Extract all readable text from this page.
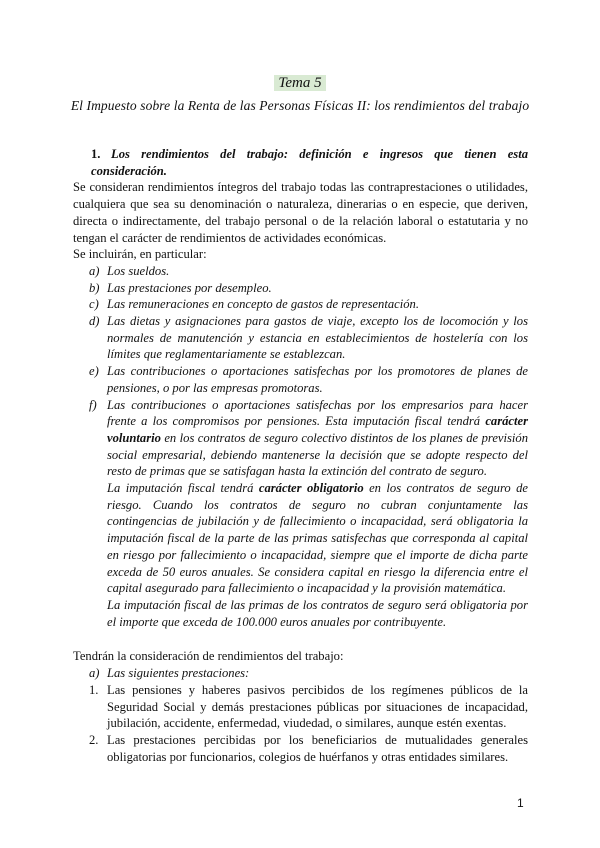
Tema 5
El Impuesto sobre la Renta de las Personas Físicas II: los rendimientos del trabajo

1. Los rendimientos del trabajo: definición e ingresos que tienen esta consideración.

Se consideran rendimientos íntegros del trabajo todas las contraprestaciones o utilidades, cualquiera que sea su denominación o naturaleza, dinerarias o en especie, que deriven, directa o indirectamente, del trabajo personal o de la relación laboral o estatutaria y no tengan el carácter de rendimientos de actividades económicas.

Se incluirán, en particular:

a) Los sueldos.

b) Las prestaciones por desempleo.

c) Las remuneraciones en concepto de gastos de representación.

d) Las dietas y asignaciones para gastos de viaje, excepto los de locomoción y los normales de manutención y estancia en establecimientos de hostelería con los límites que reglamentariamente se establezcan.

e) Las contribuciones o aportaciones satisfechas por los promotores de planes de pensiones, o por las empresas promotoras.

f) Las contribuciones o aportaciones satisfechas por los empresarios para hacer frente a los compromisos por pensiones. Esta imputación fiscal tendrá carácter voluntario en los contratos de seguro colectivo distintos de los planes de previsión social empresarial, debiendo mantenerse la decisión que se adopte respecto del resto de primas que se satisfagan hasta la extinción del contrato de seguro.

La imputación fiscal tendrá carácter obligatorio en los contratos de seguro de riesgo. Cuando los contratos de seguro no cubran conjuntamente las contingencias de jubilación y de fallecimiento o incapacidad, será obligatoria la imputación fiscal de la parte de las primas satisfechas que corresponda al capital en riesgo por fallecimiento o incapacidad, siempre que el importe de dicha parte exceda de 50 euros anuales. Se considera capital en riesgo la diferencia entre el capital asegurado para fallecimiento o incapacidad y la provisión matemática.

La imputación fiscal de las primas de los contratos de seguro será obligatoria por el importe que exceda de 100.000 euros anuales por contribuyente.

Tendrán la consideración de rendimientos del trabajo:

a) Las siguientes prestaciones:

1. Las pensiones y haberes pasivos percibidos de los regímenes públicos de la Seguridad Social y demás prestaciones públicas por situaciones de incapacidad, jubilación, accidente, enfermedad, viudedad, o similares, aunque estén exentas.

2. Las prestaciones percibidas por los beneficiarios de mutualidades generales obligatorias por funcionarios, colegios de huérfanos y otras entidades similares.

1
